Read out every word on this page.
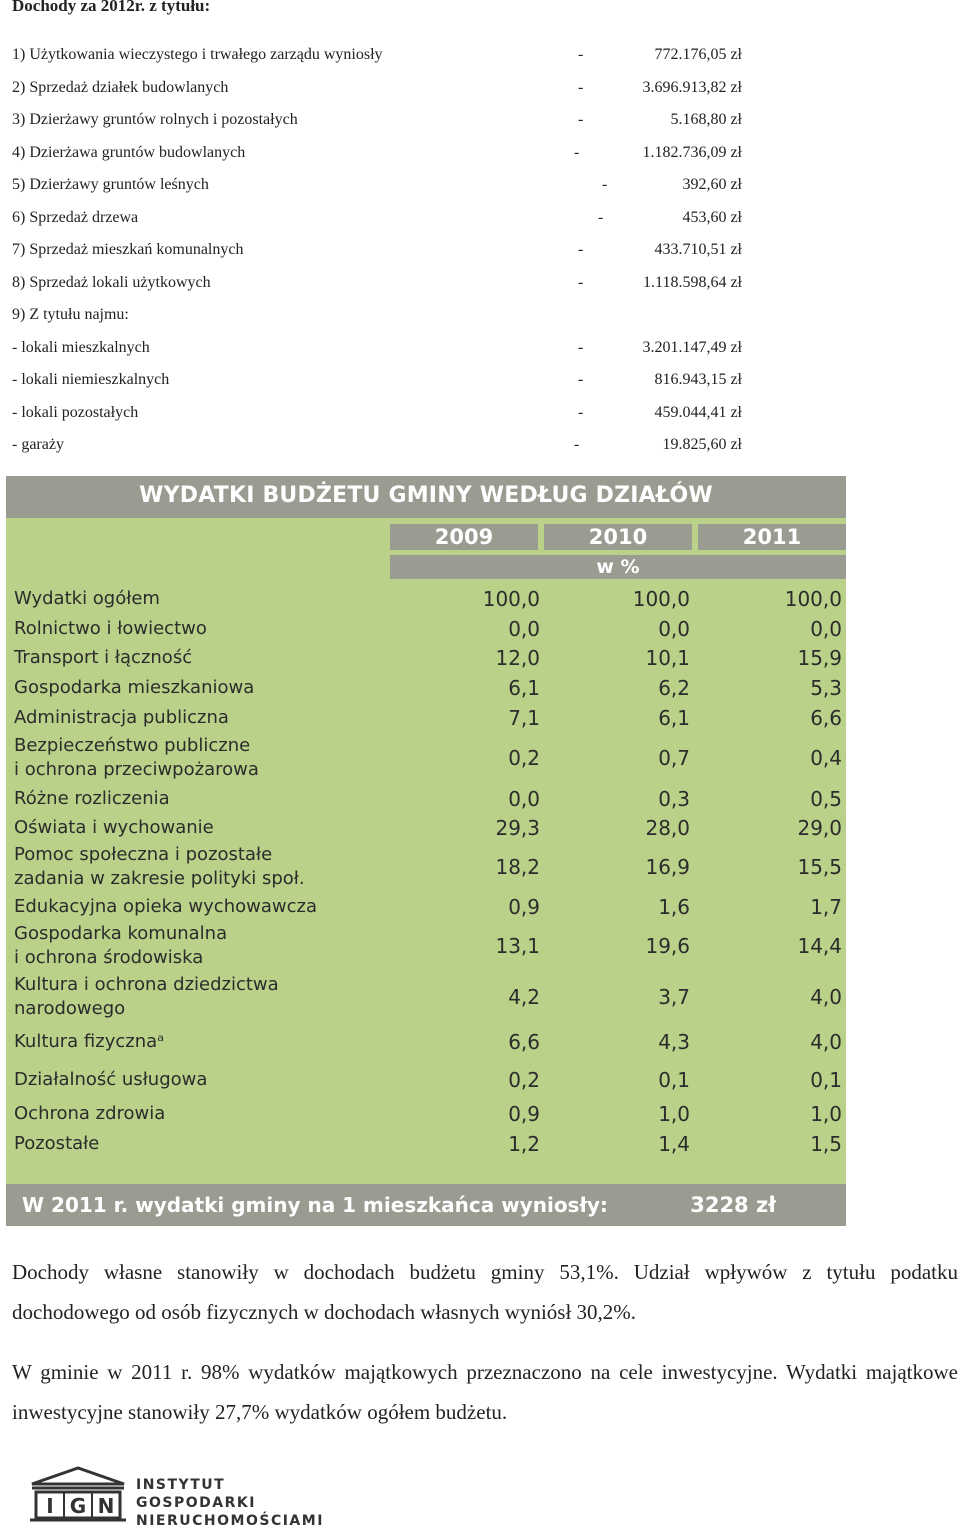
Dochody za 2012r. z tytułu:
1) Użytkowania wieczystego i trwałego zarządu wyniosły	-	772.176,05 zł
2) Sprzedaż działek budowlanych	-	3.696.913,82 zł
3) Dzierżawy gruntów rolnych i pozostałych	-	5.168,80 zł
4) Dzierżawa gruntów budowlanych	-	1.182.736,09 zł
5) Dzierżawy gruntów leśnych	-	392,60 zł
6) Sprzedaż drzewa	-	453,60 zł
7) Sprzedaż mieszkań komunalnych	-	433.710,51 zł
8) Sprzedaż lokali użytkowych	-	1.118.598,64 zł
9) Z tytułu najmu:
- lokali mieszkalnych	-	3.201.147,49 zł
- lokali niemieszkalnych	-	816.943,15 zł
- lokali pozostałych	-	459.044,41 zł
- garaży	-	19.825,60 zł
WYDATKI BUDŻETU GMINY WEDŁUG DZIAŁÓW
2009	2010	2011
w %
Wydatki ogółem	100,0	100,0	100,0
Rolnictwo i łowiectwo	0,0	0,0	0,0
Transport i łączność	12,0	10,1	15,9
Gospodarka mieszkaniowa	6,1	6,2	5,3
Administracja publiczna	7,1	6,1	6,6
Bezpieczeństwo publiczne
i ochrona przeciwpożarowa	0,2	0,7	0,4
Różne rozliczenia	0,0	0,3	0,5
Oświata i wychowanie	29,3	28,0	29,0
Pomoc społeczna i pozostałe
zadania w zakresie polityki społ.	18,2	16,9	15,5
Edukacyjna opieka wychowawcza	0,9	1,6	1,7
Gospodarka komunalna
i ochrona środowiska	13,1	19,6	14,4
Kultura i ochrona dziedzictwa
narodowego	4,2	3,7	4,0
Kultura fizycznaᵃ	6,6	4,3	4,0
Działalność usługowa	0,2	0,1	0,1
Ochrona zdrowia	0,9	1,0	1,0
Pozostałe	1,2	1,4	1,5
W 2011 r. wydatki gminy na 1 mieszkańca wyniosły:	3228 zł
Dochody własne stanowiły w dochodach budżetu gminy 53,1%. Udział wpływów z tytułu podatku dochodowego od osób fizycznych w dochodach własnych wyniósł 30,2%.
W gminie w 2011 r. 98% wydatków majątkowych przeznaczono na cele inwestycyjne. Wydatki majątkowe inwestycyjne stanowiły 27,7% wydatków ogółem budżetu.
I G N
INSTYTUT GOSPODARKI
NIERUCHOMOŚCIAMI
